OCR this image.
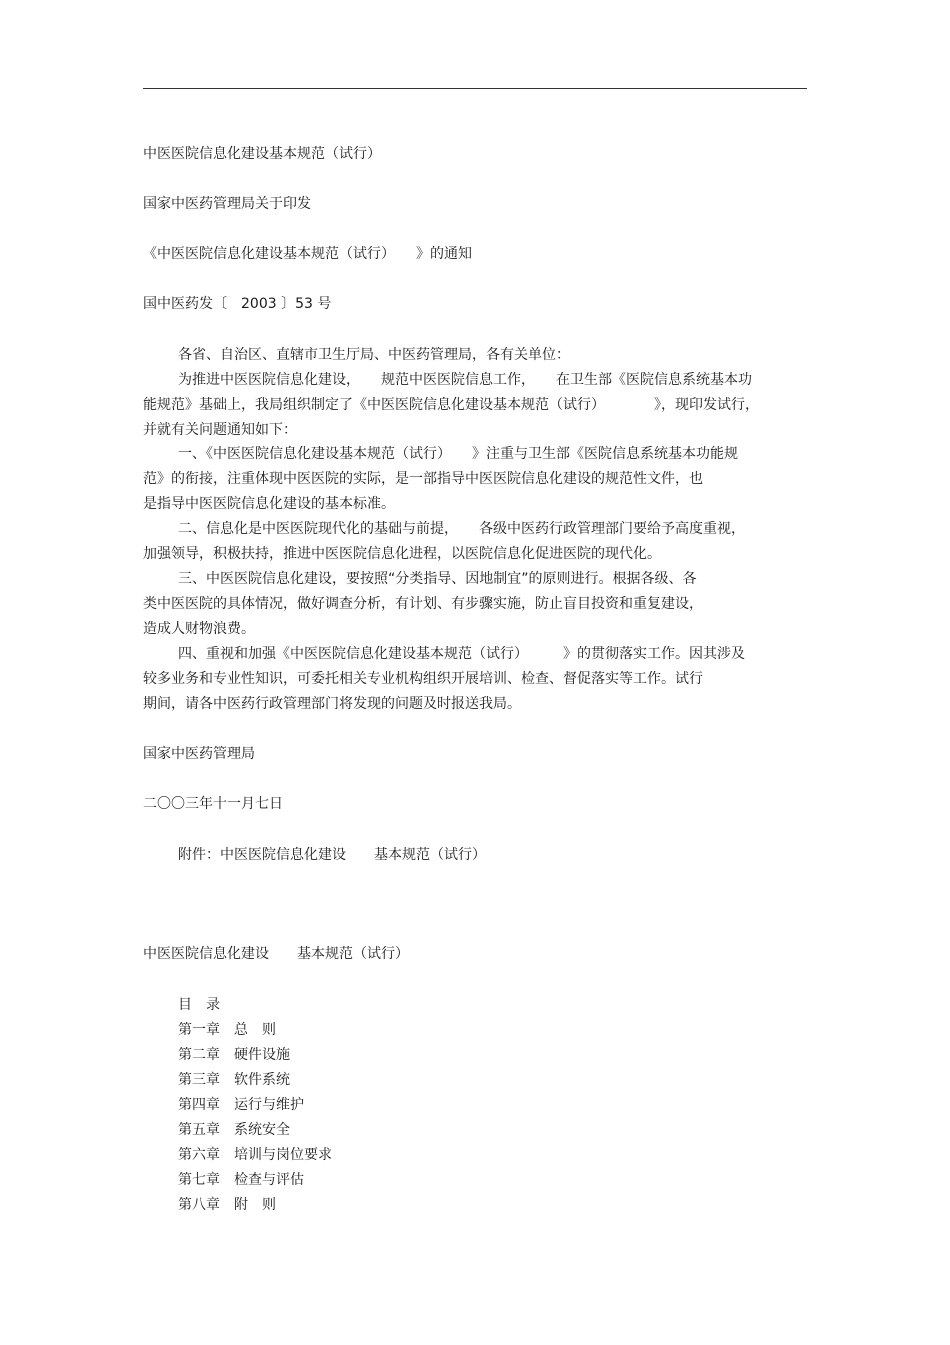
中医医院信息化建设基本规范（试行）
国家中医药管理局关于印发
《中医医院信息化建设基本规范（试行）　　》的通知
国中医药发〔　2003 〕53 号
各省、自治区、直辖市卫生厅局、中医药管理局，各有关单位：
为推进中医医院信息化建设，　　规范中医医院信息工作，　　在卫生部《医院信息系统基本功
能规范》基础上，我局组织制定了《中医医院信息化建设基本规范（试行）　　　　》，现印发试行，
并就有关问题通知如下：
一、《中医医院信息化建设基本规范（试行）　　》注重与卫生部《医院信息系统基本功能规
范》的衔接，注重体现中医医院的实际，是一部指导中医医院信息化建设的规范性文件，也
是指导中医医院信息化建设的基本标准。
二、信息化是中医医院现代化的基础与前提，　　各级中医药行政管理部门要给予高度重视，
加强领导，积极扶持，推进中医医院信息化进程，以医院信息化促进医院的现代化。
三、中医医院信息化建设，要按照“分类指导、因地制宜”的原则进行。根据各级、各
类中医医院的具体情况，做好调查分析，有计划、有步骤实施，防止盲目投资和重复建设，
造成人财物浪费。
四、重视和加强《中医医院信息化建设基本规范（试行）　　　》的贯彻落实工作。因其涉及
较多业务和专业性知识，可委托相关专业机构组织开展培训、检查、督促落实等工作。试行
期间，请各中医药行政管理部门将发现的问题及时报送我局。
国家中医药管理局
二〇〇三年十一月七日
附件：中医医院信息化建设　　基本规范（试行）
中医医院信息化建设　　基本规范（试行）
目　录
第一章　总　则
第二章　硬件设施
第三章　软件系统
第四章　运行与维护
第五章　系统安全
第六章　培训与岗位要求
第七章　检查与评估
第八章　附　则
